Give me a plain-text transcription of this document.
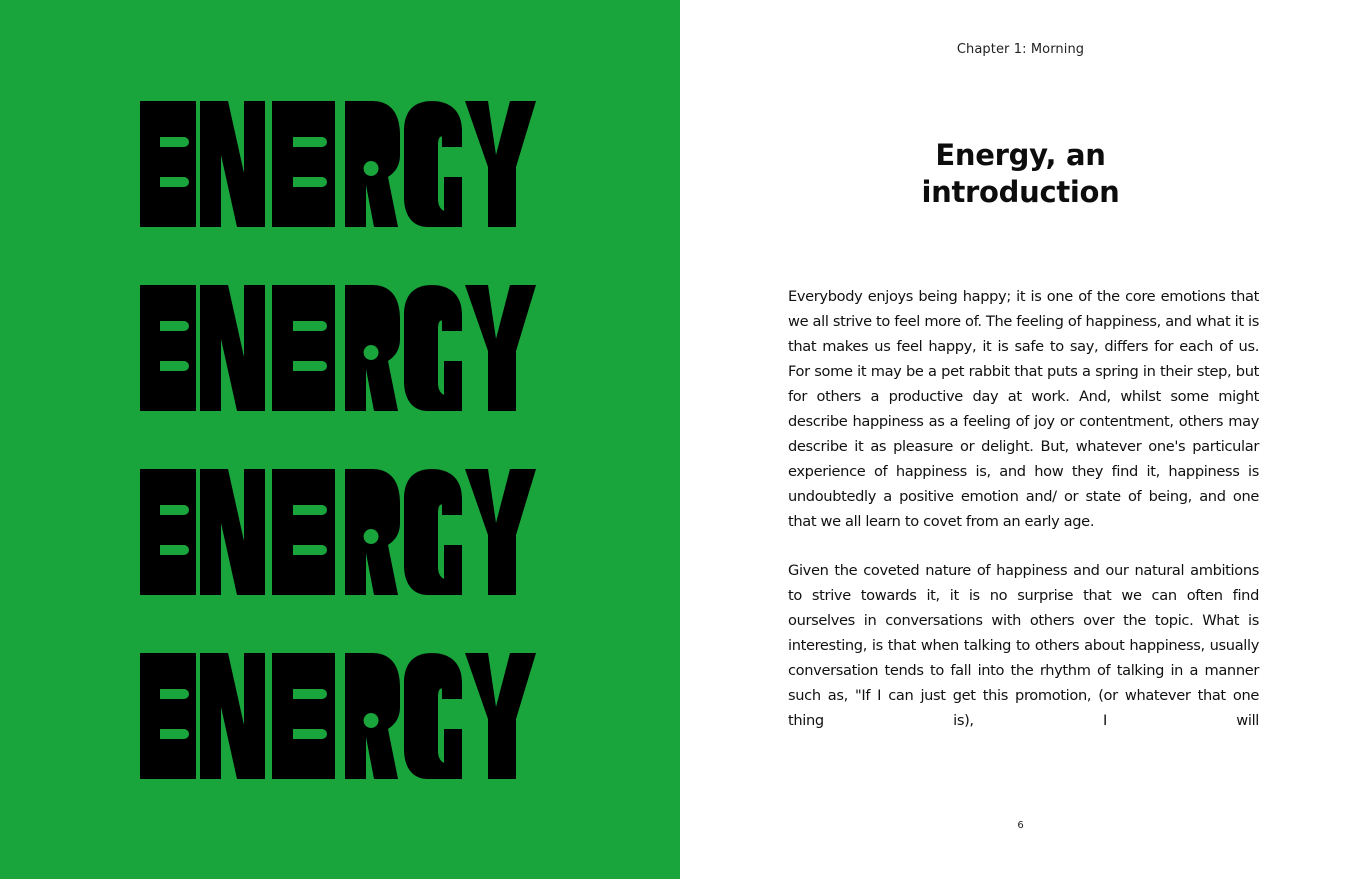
Chapter 1: Morning
Energy, an
introduction

Everybody enjoys being happy; it is one of the core emotions that we all strive to feel more of. The feeling of happiness, and what it is that makes us feel happy, it is safe to say, differs for each of us. For some it may be a pet rabbit that puts a spring in their step, but for others a productive day at work. And, whilst some might describe happiness as a feeling of joy or contentment, others may describe it as pleasure or delight. But, whatever one's particular experience of happiness is, and how they find it, happiness is undoubtedly a positive emotion and/ or state of being, and one that we all learn to covet from an early age.

Given the coveted nature of happiness and our natural ambitions to strive towards it, it is no surprise that we can often find ourselves in conversations with others over the topic. What is interesting, is that when talking to others about happiness, usually conversation tends to fall into the rhythm of talking in a manner such as, "If I can just get this promotion, (or whatever that one thing is), I will

6
